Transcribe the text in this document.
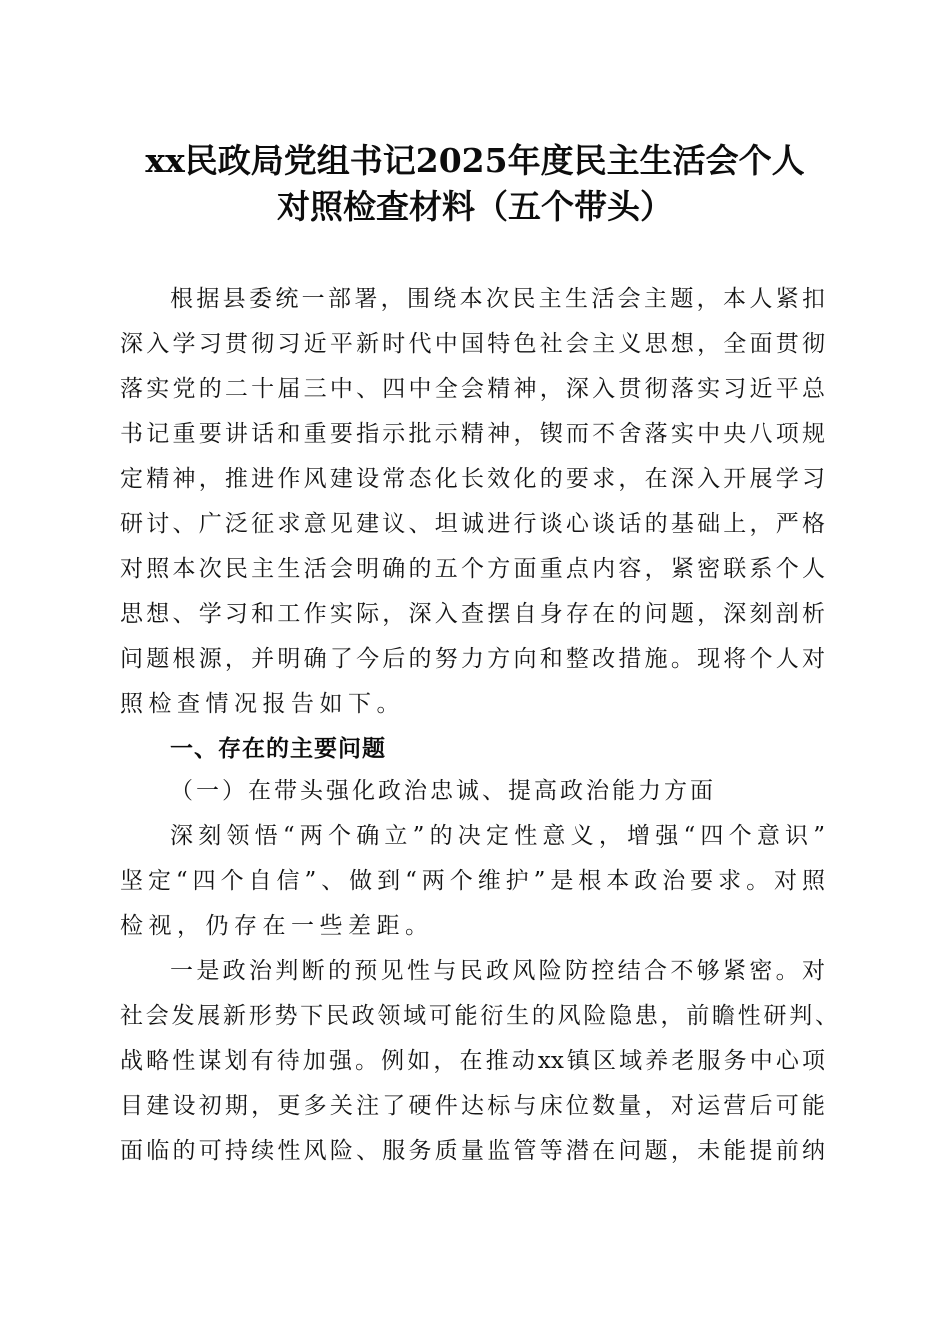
xx民政局党组书记2025年度民主生活会个人
对照检查材料（五个带头）
根据县委统一部署，围绕本次民主生活会主题，本人紧扣
深入学习贯彻习近平新时代中国特色社会主义思想，全面贯彻
落实党的二十届三中、四中全会精神，深入贯彻落实习近平总
书记重要讲话和重要指示批示精神，锲而不舍落实中央八项规
定精神，推进作风建设常态化长效化的要求，在深入开展学习
研讨、广泛征求意见建议、坦诚进行谈心谈话的基础上，严格
对照本次民主生活会明确的五个方面重点内容，紧密联系个人
思想、学习和工作实际，深入查摆自身存在的问题，深刻剖析
问题根源，并明确了今后的努力方向和整改措施。现将个人对
照检查情况报告如下。
一、存在的主要问题
（一）在带头强化政治忠诚、提高政治能力方面
深刻领悟“两个确立”的决定性意义，增强“四个意识”
坚定“四个自信”、做到“两个维护”是根本政治要求。对照
检视，仍存在一些差距。
一是政治判断的预见性与民政风险防控结合不够紧密。对
社会发展新形势下民政领域可能衍生的风险隐患，前瞻性研判、
战略性谋划有待加强。例如，在推动xx镇区域养老服务中心项
目建设初期，更多关注了硬件达标与床位数量，对运营后可能
面临的可持续性风险、服务质量监管等潜在问题，未能提前纳
